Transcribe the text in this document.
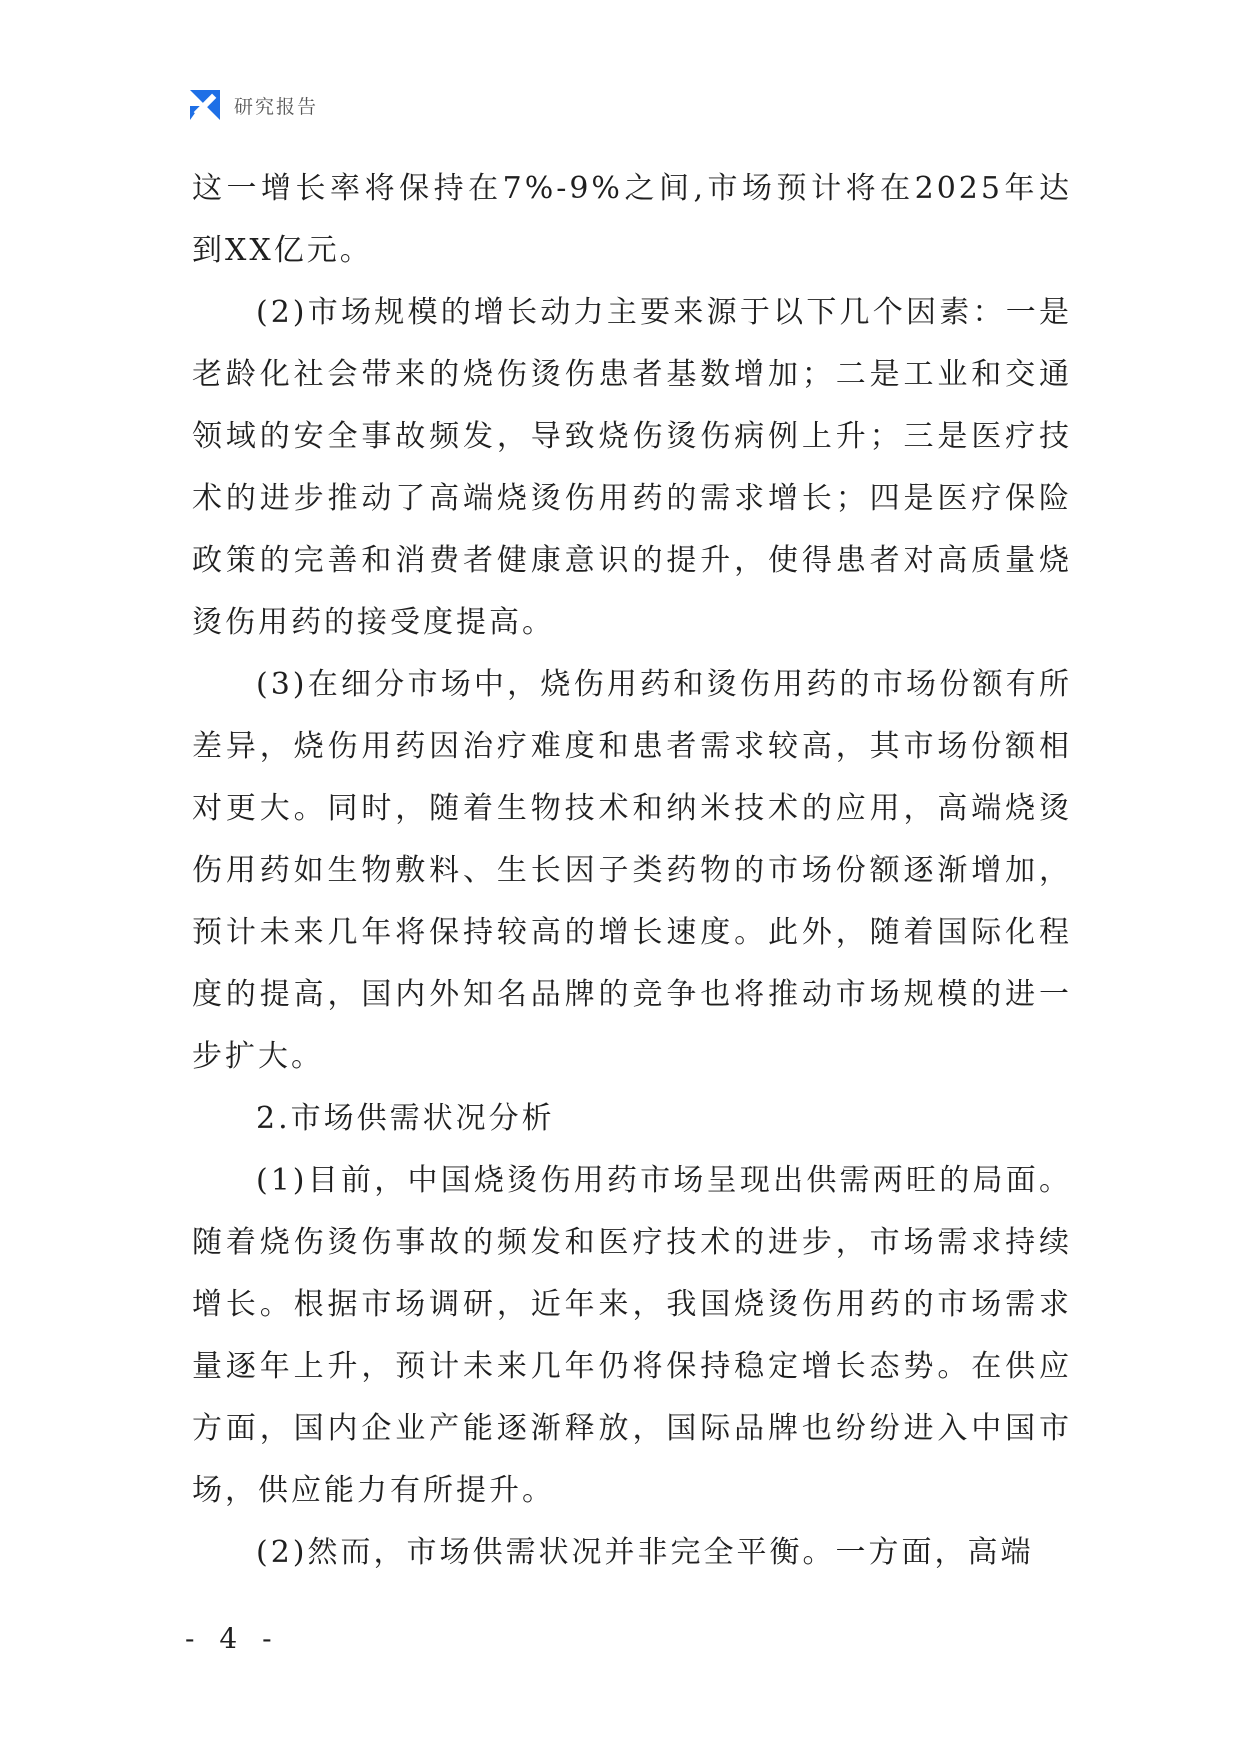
研究报告

这一增长率将保持在7%-9%之间,市场预计将在2025年达到XX亿元。

(2)市场规模的增长动力主要来源于以下几个因素：一是老龄化社会带来的烧伤烫伤患者基数增加；二是工业和交通领域的安全事故频发，导致烧伤烫伤病例上升；三是医疗技术的进步推动了高端烧烫伤用药的需求增长；四是医疗保险政策的完善和消费者健康意识的提升，使得患者对高质量烧烫伤用药的接受度提高。

(3)在细分市场中，烧伤用药和烫伤用药的市场份额有所差异，烧伤用药因治疗难度和患者需求较高，其市场份额相对更大。同时，随着生物技术和纳米技术的应用，高端烧烫伤用药如生物敷料、生长因子类药物的市场份额逐渐增加，预计未来几年将保持较高的增长速度。此外，随着国际化程度的提高，国内外知名品牌的竞争也将推动市场规模的进一步扩大。

2.市场供需状况分析

(1)目前，中国烧烫伤用药市场呈现出供需两旺的局面。随着烧伤烫伤事故的频发和医疗技术的进步，市场需求持续增长。根据市场调研，近年来，我国烧烫伤用药的市场需求量逐年上升，预计未来几年仍将保持稳定增长态势。在供应方面，国内企业产能逐渐释放，国际品牌也纷纷进入中国市场，供应能力有所提升。

(2)然而，市场供需状况并非完全平衡。一方面，高端

- 4 -
